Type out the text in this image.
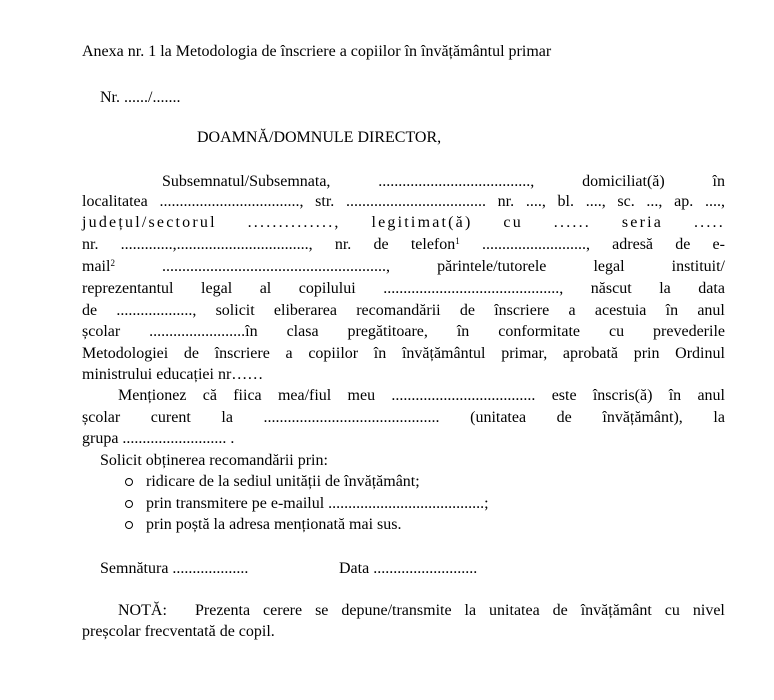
Anexa nr. 1 la Metodologia de înscriere a copiilor în învățământul primar
Nr. ....../.......
DOAMNĂ/DOMNULE DIRECTOR,
Subsemnatul/Subsemnata,	......................................,	domiciliat(ă)	în
localitatea ..................................., str. ................................... nr. ...., bl. ...., sc. ..., ap. ....,
județul/sectorul .............., legitimat(ă) cu ...... seria .....
nr. .............,................................., nr. de telefon$^1$ .........................., adresă de e-
mail$^2$	........................................................,	părintele/tutorele	legal	instituit/
reprezentantul legal al copilului ............................................, născut la data
de ..................., solicit eliberarea recomandării de înscriere a acestuia în anul
școlar ........................în clasa pregătitoare, în conformitate cu prevederile
Metodologiei de înscriere a copiilor în învățământul primar, aprobată prin Ordinul
ministrului educației nr……
Menționez că fiica mea/fiul meu .................................... este înscris(ă) în anul
școlar curent la ............................................ (unitatea de învățământ), la
grupa .......................... .
Solicit obținerea recomandării prin:
ridicare de la sediul unității de învățământ;
prin transmitere pe e-mailul .......................................;
prin poștă la adresa menționată mai sus.
Semnătura ...................	Data ..........................
NOTĂ: Prezenta cerere se depune/transmite la unitatea de învățământ cu nivel
preșcolar frecventată de copil.
